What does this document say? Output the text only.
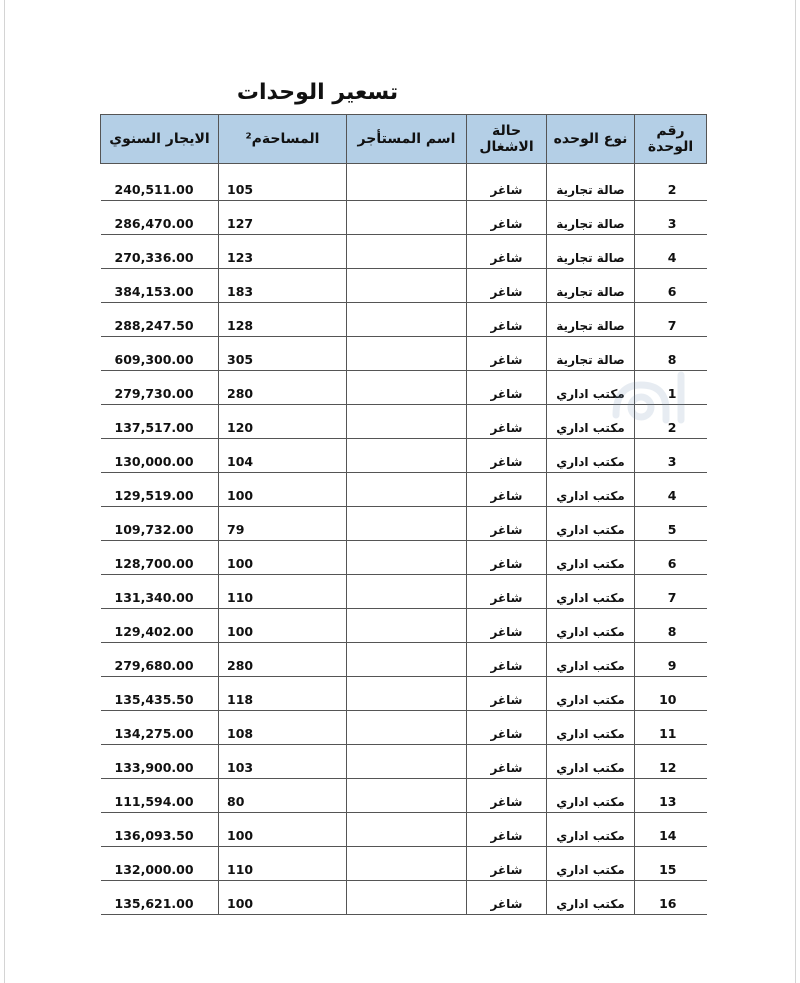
تسعير الوحدات
رقم الوحدة	نوع الوحده	حالة الاشغال	اسم المستأجر	المساحةم²	الايجار السنوي
2	صالة تجارية	شاغر		105	240,511.00
3	صالة تجارية	شاغر		127	286,470.00
4	صالة تجارية	شاغر		123	270,336.00
6	صالة تجارية	شاغر		183	384,153.00
7	صالة تجارية	شاغر		128	288,247.50
8	صالة تجارية	شاغر		305	609,300.00
1	مكتب اداري	شاغر		280	279,730.00
2	مكتب اداري	شاغر		120	137,517.00
3	مكتب اداري	شاغر		104	130,000.00
4	مكتب اداري	شاغر		100	129,519.00
5	مكتب اداري	شاغر		79	109,732.00
6	مكتب اداري	شاغر		100	128,700.00
7	مكتب اداري	شاغر		110	131,340.00
8	مكتب اداري	شاغر		100	129,402.00
9	مكتب اداري	شاغر		280	279,680.00
10	مكتب اداري	شاغر		118	135,435.50
11	مكتب اداري	شاغر		108	134,275.00
12	مكتب اداري	شاغر		103	133,900.00
13	مكتب اداري	شاغر		80	111,594.00
14	مكتب اداري	شاغر		100	136,093.50
15	مكتب اداري	شاغر		110	132,000.00
16	مكتب اداري	شاغر		100	135,621.00
